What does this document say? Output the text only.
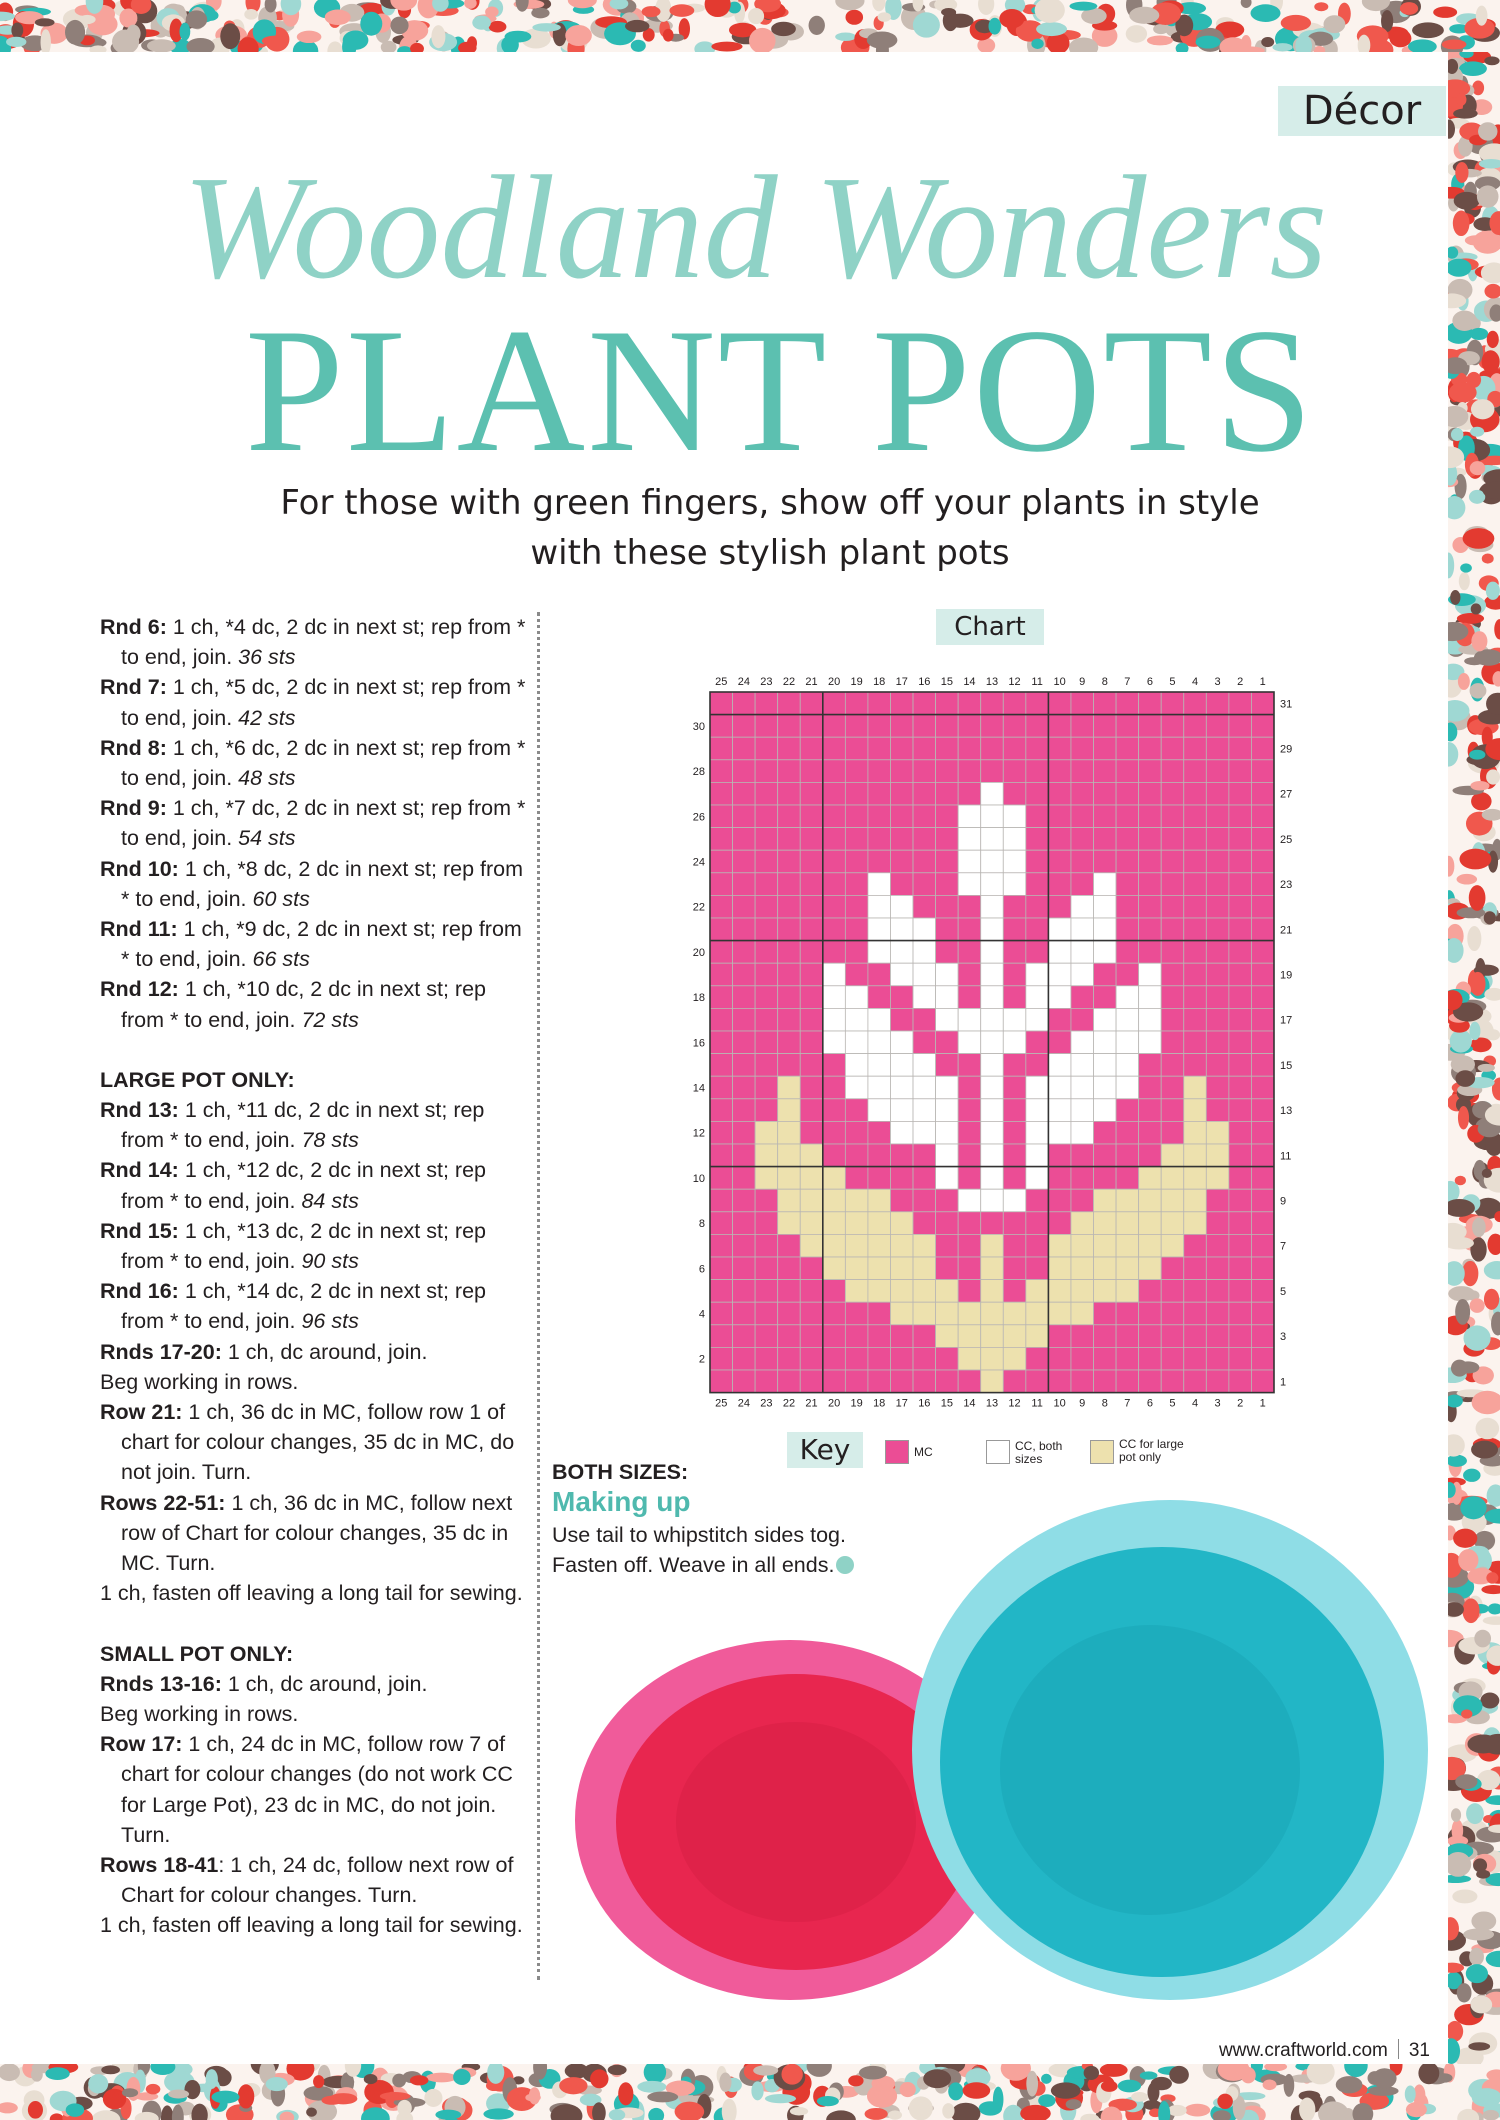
Décor
Woodland Wonders
PLANT POTS
For those with green fingers, show off your plants in style
with these stylish plant pots

Rnd 6: 1 ch, *4 dc, 2 dc in next st; rep from * to end, join. 36 sts

Rnd 7: 1 ch, *5 dc, 2 dc in next st; rep from * to end, join. 42 sts

Rnd 8: 1 ch, *6 dc, 2 dc in next st; rep from * to end, join. 48 sts

Rnd 9: 1 ch, *7 dc, 2 dc in next st; rep from * to end, join. 54 sts

Rnd 10: 1 ch, *8 dc, 2 dc in next st; rep from * to end, join. 60 sts

Rnd 11: 1 ch, *9 dc, 2 dc in next st; rep from * to end, join. 66 sts

Rnd 12: 1 ch, *10 dc, 2 dc in next st; rep from * to end, join. 72 sts

LARGE POT ONLY:

Rnd 13: 1 ch, *11 dc, 2 dc in next st; rep from * to end, join. 78 sts

Rnd 14: 1 ch, *12 dc, 2 dc in next st; rep from * to end, join. 84 sts

Rnd 15: 1 ch, *13 dc, 2 dc in next st; rep from * to end, join. 90 sts

Rnd 16: 1 ch, *14 dc, 2 dc in next st; rep from * to end, join. 96 sts

Rnds 17-20: 1 ch, dc around, join.

Beg working in rows.

Row 21: 1 ch, 36 dc in MC, follow row 1 of chart for colour changes, 35 dc in MC, do not join. Turn.

Rows 22-51: 1 ch, 36 dc in MC, follow next row of Chart for colour changes, 35 dc in MC. Turn.

1 ch, fasten off leaving a long tail for sewing.

SMALL POT ONLY:

Rnds 13-16: 1 ch, dc around, join.

Beg working in rows.

Row 17: 1 ch, 24 dc in MC, follow row 7 of chart for colour changes (do not work CC for Large Pot), 23 dc in MC, do not join. Turn.

Rows 18-41: 1 ch, 24 dc, follow next row of Chart for colour changes. Turn.

1 ch, fasten off leaving a long tail for sewing.

Chart
25
25
24
24
23
23
22
22
21
21
20
20
19
19
18
18
17
17
16
16
15
15
14
14
13
13
12
12
11
11
10
10
9
9
8
8
7
7
6
6
5
5
4
4
3
3
2
2
1
1
31
29
27
25
23
21
19
17
15
13
11
9
7
5
3
1
30
28
26
24
22
20
18
16
14
12
10
8
6
4
2
Key	MC	CC, both sizes
CC for large pot only
BOTH SIZES:
Making up

Use tail to whipstitch sides tog.

Fasten off. Weave in all ends.

www.craftworld.com 31
